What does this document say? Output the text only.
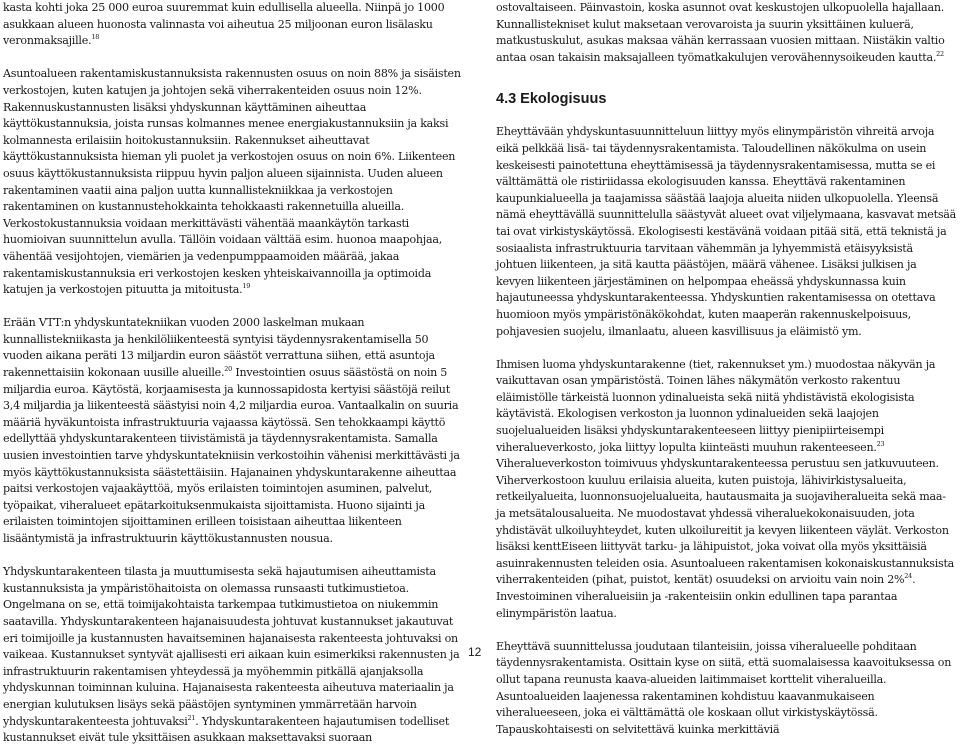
kasta kohti joka 25 000 euroa suuremmat kuin edullisella alueella. Niinpä jo 1000 asukkaan alueen huonosta valinnasta voi aiheutua 25 miljoonan euron lisälasku veronmaksajille.$^{18}$

Asuntoalueen rakentamiskustannuksista rakennusten osuus on noin 88% ja sisäisten verkostojen, kuten katujen ja johtojen sekä viherrakenteiden osuus noin 12%. Rakennuskustannusten lisäksi yhdyskunnan käyttäminen aiheuttaa käyttökustannuksia, joista runsas kolmannes menee energiakustannuksiin ja kaksi kolmannesta erilaisiin hoitokustannuksiin. Rakennukset aiheuttavat käyttökustannuksista hieman yli puolet ja verkostojen osuus on noin 6%. Liikenteen osuus käyttökustannuksista riippuu hyvin paljon alueen sijainnista. Uuden alueen rakentaminen vaatii aina paljon uutta kunnallistekniikkaa ja verkostojen rakentaminen on kustannustehokkainta tehokkaasti rakennetuilla alueilla. Verkostokustannuksia voidaan merkittävästi vähentää maankäytön tarkasti huomioivan suunnittelun avulla. Tällöin voidaan välttää esim. huonoa maapohjaa, vähentää vesijohtojen, viemärien ja vedenpumppaamoiden määrää, jakaa rakentamiskustannuksia eri verkostojen kesken yhteiskaivannoilla ja optimoida katujen ja verkostojen pituutta ja mitoitusta.$^{19}$

Erään VTT:n yhdyskuntatekniikan vuoden 2000 laskelman mukaan kunnallistekniikasta ja henkilöliikenteestä syntyisi täydennysrakentamisella 50 vuoden aikana peräti 13 miljardin euron säästöt verrattuna siihen, että asuntoja rakennettaisiin kokonaan uusille alueille.$^{20}$ Investointien osuus säästöstä on noin 5 miljardia euroa. Käytöstä, korjaamisesta ja kunnossapidosta kertyisi säästöjä reilut 3,4 miljardia ja liikenteestä säästyisi noin 4,2 miljardia euroa. Vantaalkalin on suuria määriä hyväkuntoista infrastruktuuria vajaassa käytössä. Sen tehokkaampi käyttö edellyttää yhdyskuntarakenteen tiivistämistä ja täydennysrakentamista. Samalla uusien investointien tarve yhdyskuntatekniisin verkostoihin vähenisi merkittävästi ja myös käyttökustannuksista säästettäisiin. Hajanainen yhdyskuntarakenne aiheuttaa paitsi verkostojen vajaakäyttöä, myös erilaisten toimintojen asuminen, palvelut, työpaikat, viheralueet epätarkoituksenmukaista sijoittamista. Huono sijainti ja erilaisten toimintojen sijoittaminen erilleen toisistaan aiheuttaa liikenteen lisääntymistä ja infrastruktuurin käyttökustannusten nousua.

Yhdyskuntarakenteen tilasta ja muuttumisesta sekä hajautumisen aiheuttamista kustannuksista ja ympäristöhaitoista on olemassa runsaasti tutkimustietoa. Ongelmana on se, että toimijakohtaista tarkempaa tutkimustietoa on niukemmin saatavilla. Yhdyskuntarakenteen hajanaisuudesta johtuvat kustannukset jakautuvat eri toimijoille ja kustannusten havaitseminen hajanaisesta rakenteesta johtuvaksi on vaikeaa. Kustannukset syntyvät ajallisesti eri aikaan kuin esimerkiksi rakennusten ja infrastruktuurin rakentamisen yhteydessä ja myöhemmin pitkällä ajanjaksolla yhdyskunnan toiminnan kuluina. Hajanaisesta rakenteesta aiheutuva materiaalin ja energian kulutuksen lisäys sekä päästöjen syntyminen ymmärretään harvoin yhdyskuntarakenteesta johtuvaksi$^{21}$. Yhdyskuntarakenteen hajautumisen todelliset kustannukset eivät tule yksittäisen asukkaan maksettavaksi suoraan

ostovaltaiseen. Päinvastoin, koska asunnot ovat keskustojen ulkopuolella hajallaan. Kunnallistekniset kulut maksetaan verovaroista ja suurin yksittäinen kuluerä, matkustuskulut, asukas maksaa vähän kerrassaan vuosien mittaan. Niistäkin valtio antaa osan takaisin maksajalleen työmatkakulujen verovähennysoikeuden kautta.$^{22}$

4.3 Ekologisuus

Eheyttävään yhdyskuntasuunnitteluun liittyy myös elinympäristön vihreitä arvoja eikä pelkkää lisä- tai täydennysrakentamista. Taloudellinen näkökulma on usein keskeisesti painotettuna eheyttämisessä ja täydennysrakentamisessa, mutta se ei välttämättä ole ristiriidassa ekologisuuden kanssa. Eheyttävä rakentaminen kaupunkialueella ja taajamissa säästää laajoja alueita niiden ulkopuolella. Yleensä nämä eheyttävällä suunnittelulla säästyvät alueet ovat viljelymaana, kasvavat metsää tai ovat virkistyskäytössä. Ekologisesti kestävänä voidaan pitää sitä, että teknistä ja sosiaalista infrastruktuuria tarvitaan vähemmän ja lyhyemmistä etäisyyksistä johtuen liikenteen, ja sitä kautta päästöjen, määrä vähenee. Lisäksi julkisen ja kevyen liikenteen järjestäminen on helpompaa eheässä yhdyskunnassa kuin hajautuneessa yhdyskuntarakenteessa. Yhdyskuntien rakentamisessa on otettava huomioon myös ympäristönäkökohdat, kuten maaperän rakennuskelpoisuus, pohjavesien suojelu, ilmanlaatu, alueen kasvillisuus ja eläimistö ym.

Ihmisen luoma yhdyskuntarakenne (tiet, rakennukset ym.) muodostaa näkyvän ja vaikuttavan osan ympäristöstä. Toinen lähes näkymätön verkosto rakentuu eläimistölle tärkeistä luonnon ydinalueista sekä niitä yhdistävistä ekologisista käytävistä. Ekologisen verkoston ja luonnon ydinalueiden sekä laajojen suojelualueiden lisäksi yhdyskuntarakenteeseen liittyy pienipiirteisempi viheralueverkosto, joka liittyy lopulta kiinteästi muuhun rakenteeseen.$^{23}$ Viheralueverkoston toimivuus yhdyskuntarakenteessa perustuu sen jatkuvuuteen. Viherverkostoon kuuluu erilaisia alueita, kuten puistoja, lähivirkistysalueita, retkeilyalueita, luonnonsuojelualueita, hautausmaita ja suojaviheralueita sekä maa- ja metsätalousalueita. Ne muodostavat yhdessä viheraluekokonaisuuden, jota yhdistävät ulkoiluyhteydet, kuten ulkoilureitit ja kevyen liikenteen väylät. Verkoston lisäksi kenttEiseen liittyvät tarku- ja lähipuistot, joka voivat olla myös yksittäisiä asuinrakennusten teleiden osia. Asuntoalueen rakentamisen kokonaiskustannuksista viherrakenteiden (pihat, puistot, kentät) osuudeksi on arvioitu vain noin 2%$^{24}$. Investoiminen viheralueisiin ja -rakenteisiin onkin edullinen tapa parantaa elinympäristön laatua.

Eheyttävä suunnittelussa joudutaan tilanteisiin, joissa viheralueelle pohditaan täydennysrakentamista. Osittain kyse on siitä, että suomalaisessa kaavoituksessa on ollut tapana reunusta kaava-alueiden laitimmaiset korttelit viheralueilla. Asuntoalueiden laajenessa rakentaminen kohdistuu kaavanmukaiseen viheralueeseen, joka ei välttämättä ole koskaan ollut virkistyskäytössä. Tapauskohtaisesti on selvitettävä kuinka merkittäviä

12
